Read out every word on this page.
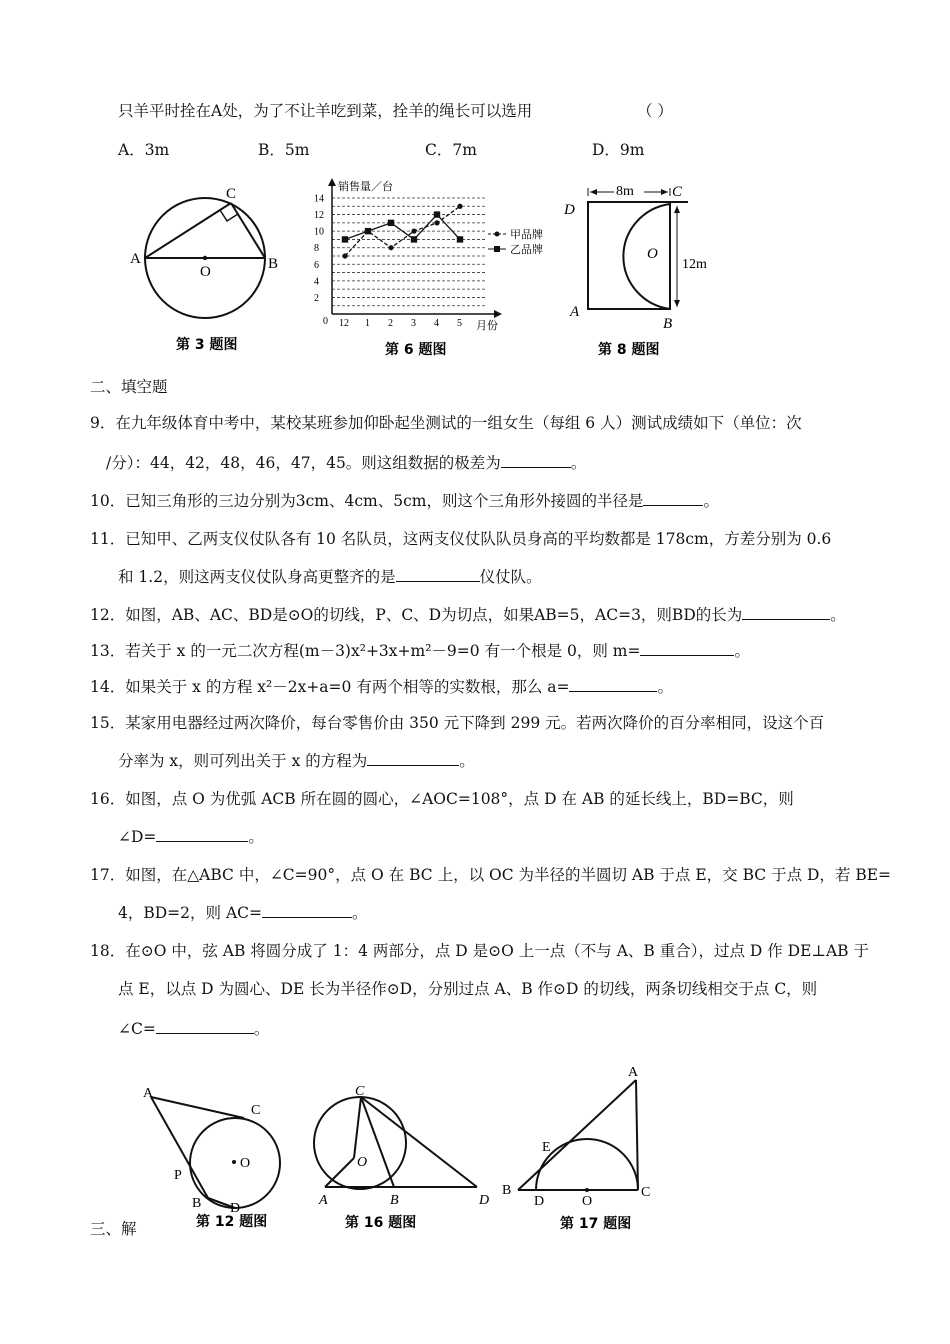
只羊平时拴在A处，为了不让羊吃到菜，拴羊的绳长可以选用	（ ）
A．3m	B．5m	C．7m	D．9m
A	B
C
O
第 3 题图
销售量／台
月份
0
2
4
6
8
10
12
14
12 1 2 3 4 5
甲品牌
乙品牌
第 6 题图
8m
12m
C
D
A
B
O
第 8 题图
二、填空题
9．在九年级体育中考中，某校某班参加仰卧起坐测试的一组女生（每组 6 人）测试成绩如下（单位：次
/分）：44，42，48，46，47，45。则这组数据的极差为	。
10．已知三角形的三边分别为3cm、4cm、5cm，则这个三角形外接圆的半径是	。
11．已知甲、乙两支仪仗队各有 10 名队员，这两支仪仗队队员身高的平均数都是 178cm，方差分别为 0.6
和 1.2，则这两支仪仗队身高更整齐的是	仪仗队。
12．如图，AB、AC、BD是⊙O的切线，P、C、D为切点，如果AB=5，AC=3，则BD的长为	。
13．若关于 x 的一元二次方程(m－3)x²+3x+m²－9=0 有一个根是 0，则 m=	。
14．如果关于 x 的方程 x²－2x+a=0 有两个相等的实数根，那么 a=	。
15．某家用电器经过两次降价，每台零售价由 350 元下降到 299 元。若两次降价的百分率相同，设这个百
分率为 x，则可列出关于 x 的方程为	。
16．如图，点 O 为优弧 ACB 所在圆的圆心，∠AOC=108°，点 D 在 AB 的延长线上，BD=BC，则
∠D=	。
17．如图，在△ABC 中，∠C=90°，点 O 在 BC 上，以 OC 为半径的半圆切 AB 于点 E，交 BC 于点 D，若 BE=
4，BD=2，则 AC=	。
18．在⊙O 中，弦 AB 将圆分成了 1：4 两部分，点 D 是⊙O 上一点（不与 A、B 重合），过点 D 作 DE⊥AB 于
点 E，以点 D 为圆心、DE 长为半径作⊙D，分别过点 A、B 作⊙D 的切线，两条切线相交于点 C，则
∠C=	。
A
C
O
P
B D
第 12 题图
C
O
A	B	D
第 16 题图
A
E
B
D	O
C
第 17 题图
三、解
